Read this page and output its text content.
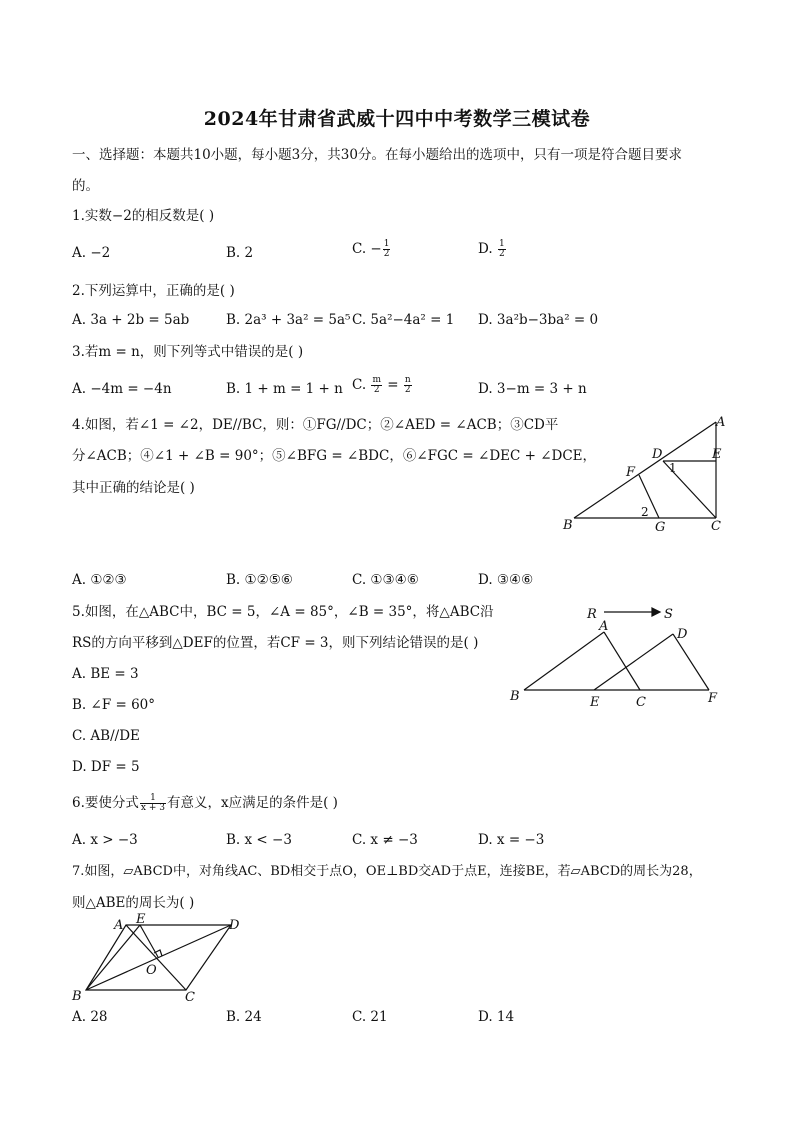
2024年甘肃省武威十四中中考数学三模试卷
一、选择题：本题共10小题，每小题3分，共30分。在每小题给出的选项中，只有一项是符合题目要求
的。
1.实数−2的相反数是( )
A. −2	B. 2	C. − $\frac{1}{2}$	D. $\frac{1}{2}$
2.下列运算中，正确的是( )
A. 3a + 2b = 5ab	B. 2a³ + 3a² = 5a⁵ C. 5a²−4a² = 1 D. 3a²b−3ba² = 0
3.若m = n，则下列等式中错误的是( )
A. −4m = −4n	B. 1 + m = 1 + n C. $\frac{m}{2} = \frac{n}{2}$	D. 3−m = 3 + n
4.如图，若∠1 = ∠2，DE//BC，则：①FG//DC；②∠AED = ∠ACB；③CD平
分∠ACB；④∠1 + ∠B = 90°；⑤∠BFG = ∠BDC，⑥∠FGC = ∠DEC + ∠DCE，
其中正确的结论是( )
A
B	C
D	E
F
G
1
2
A. ①②③	B. ①②⑤⑥	C. ①③④⑥	D. ③④⑥
5.如图，在△ABC中，BC = 5，∠A = 85°，∠B = 35°，将△ABC沿
RS的方向平移到△DEF的位置，若CF = 3，则下列结论错误的是( )
A. BE = 3
B. ∠F = 60°
C. AB//DE
D. DF = 5
R	S
A
B	C
D
E	F
6.要使分式 $\frac{1}{x + 3}$ 有意义，x应满足的条件是( )
A. x > −3	B. x < −3	C. x ≠ −3	D. x = −3
7.如图，▱ABCD中，对角线AC、BD相交于点O，OE⊥BD交AD于点E，连接BE，若▱ABCD的周长为28，
则△ABE的周长为( )
A E	D
O
B	C
A. 28	B. 24	C. 21	D. 14
